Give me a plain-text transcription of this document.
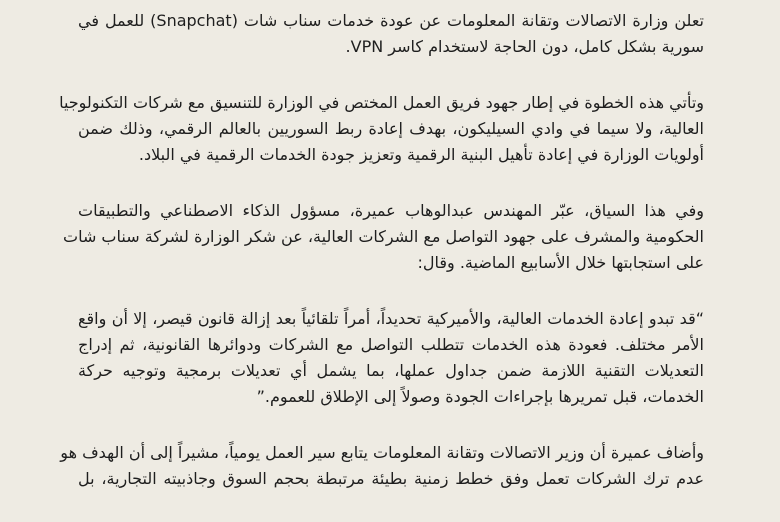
تعلن وزارة الاتصالات وتقانة المعلومات عن عودة خدمات سناب شات (Snapchat) للعمل في
سورية بشكل كامل، دون الحاجة لاستخدام كاسر VPN.
وتأتي هذه الخطوة في إطار جهود فريق العمل المختص في الوزارة للتنسيق مع شركات التكنولوجيا
العالية، ولا سيما في وادي السيليكون، بهدف إعادة ربط السوريين بالعالم الرقمي، وذلك ضمن
أولويات الوزارة في إعادة تأهيل البنية الرقمية وتعزيز جودة الخدمات الرقمية في البلاد.
وفي هذا السياق، عبّر المهندس عبدالوهاب عميرة، مسؤول الذكاء الاصطناعي والتطبيقات
الحكومية والمشرف على جهود التواصل مع الشركات العالية، عن شكر الوزارة لشركة سناب شات
على استجابتها خلال الأسابيع الماضية. وقال:
“قد تبدو إعادة الخدمات العالية، والأميركية تحديداً، أمراً تلقائياً بعد إزالة قانون قيصر، إلا أن واقع
الأمر مختلف. فعودة هذه الخدمات تتطلب التواصل مع الشركات ودوائرها القانونية، ثم إدراج
التعديلات التقنية اللازمة ضمن جداول عملها، بما يشمل أي تعديلات برمجية وتوجيه حركة
الخدمات، قبل تمريرها بإجراءات الجودة وصولاً إلى الإطلاق للعموم.”
وأضاف عميرة أن وزير الاتصالات وتقانة المعلومات يتابع سير العمل يومياً، مشيراً إلى أن الهدف هو
عدم ترك الشركات تعمل وفق خطط زمنية بطيئة مرتبطة بحجم السوق وجاذبيته التجارية، بل
